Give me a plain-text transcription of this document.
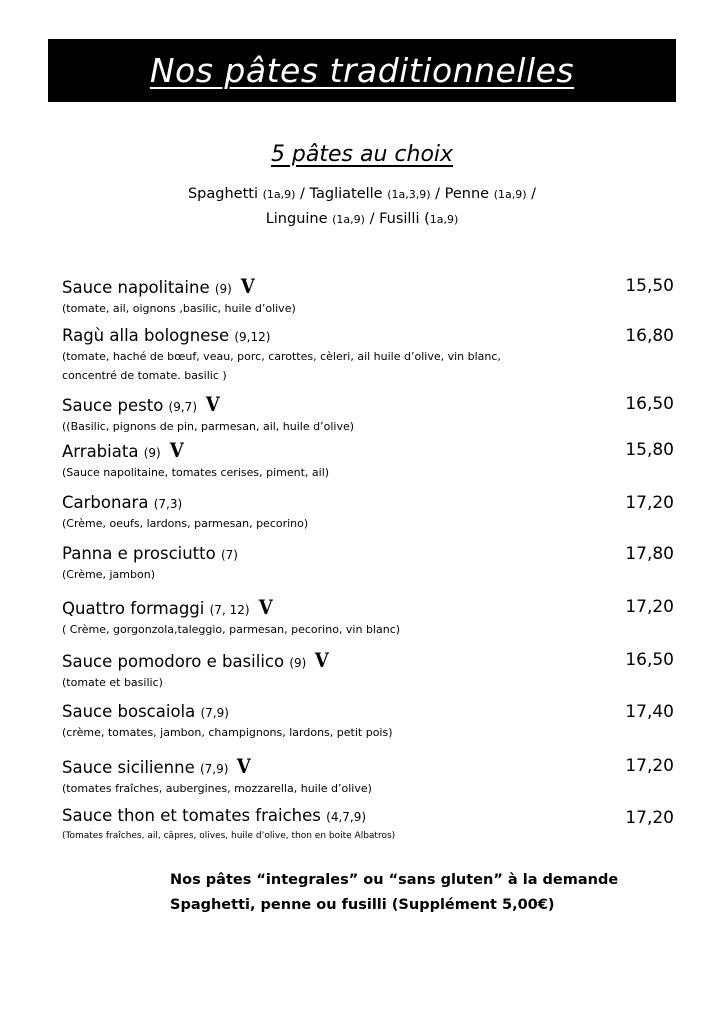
Nos pâtes traditionnelles
5 pâtes au choix
Spaghetti (1a,9) / Tagliatelle (1a,3,9) / Penne (1a,9) /
Linguine (1a,9) / Fusilli (1a,9)
Sauce napolitaine (9) V
(tomate, ail, oignons ,basilic, huile d’olive)
15,50
Ragù alla bolognese (9,12)
(tomate, haché de bœuf, veau, porc, carottes, cèleri, ail huile d’olive, vin blanc, concentré de tomate. basilic )
16,80
Sauce pesto (9,7) V
((Basilic, pignons de pin, parmesan, ail, huile d’olive)
16,50
Arrabiata (9) V
(Sauce napolitaine, tomates cerises, piment, ail)
15,80
Carbonara (7,3)
(Crème, oeufs, lardons, parmesan, pecorino)
17,20
Panna e prosciutto (7)
(Crème, jambon)
17,80
Quattro formaggi (7, 12) V
( Crème, gorgonzola,taleggio, parmesan, pecorino, vin blanc)
17,20
Sauce pomodoro e basilico (9) V
(tomate et basilic)
16,50
Sauce boscaiola (7,9)
(crème, tomates, jambon, champignons, lardons, petit pois)
17,40
Sauce sicilienne (7,9) V
(tomates fraîches, aubergines, mozzarella, huile d’olive)
17,20
Sauce thon et tomates fraiches (4,7,9)
(Tomates fraîches, ail, câpres, olives, huile d’olive, thon en boite Albatros)
17,20
Nos pâtes “integrales” ou “sans gluten” à la demande
Spaghetti, penne ou fusilli (Supplément 5,00€)
